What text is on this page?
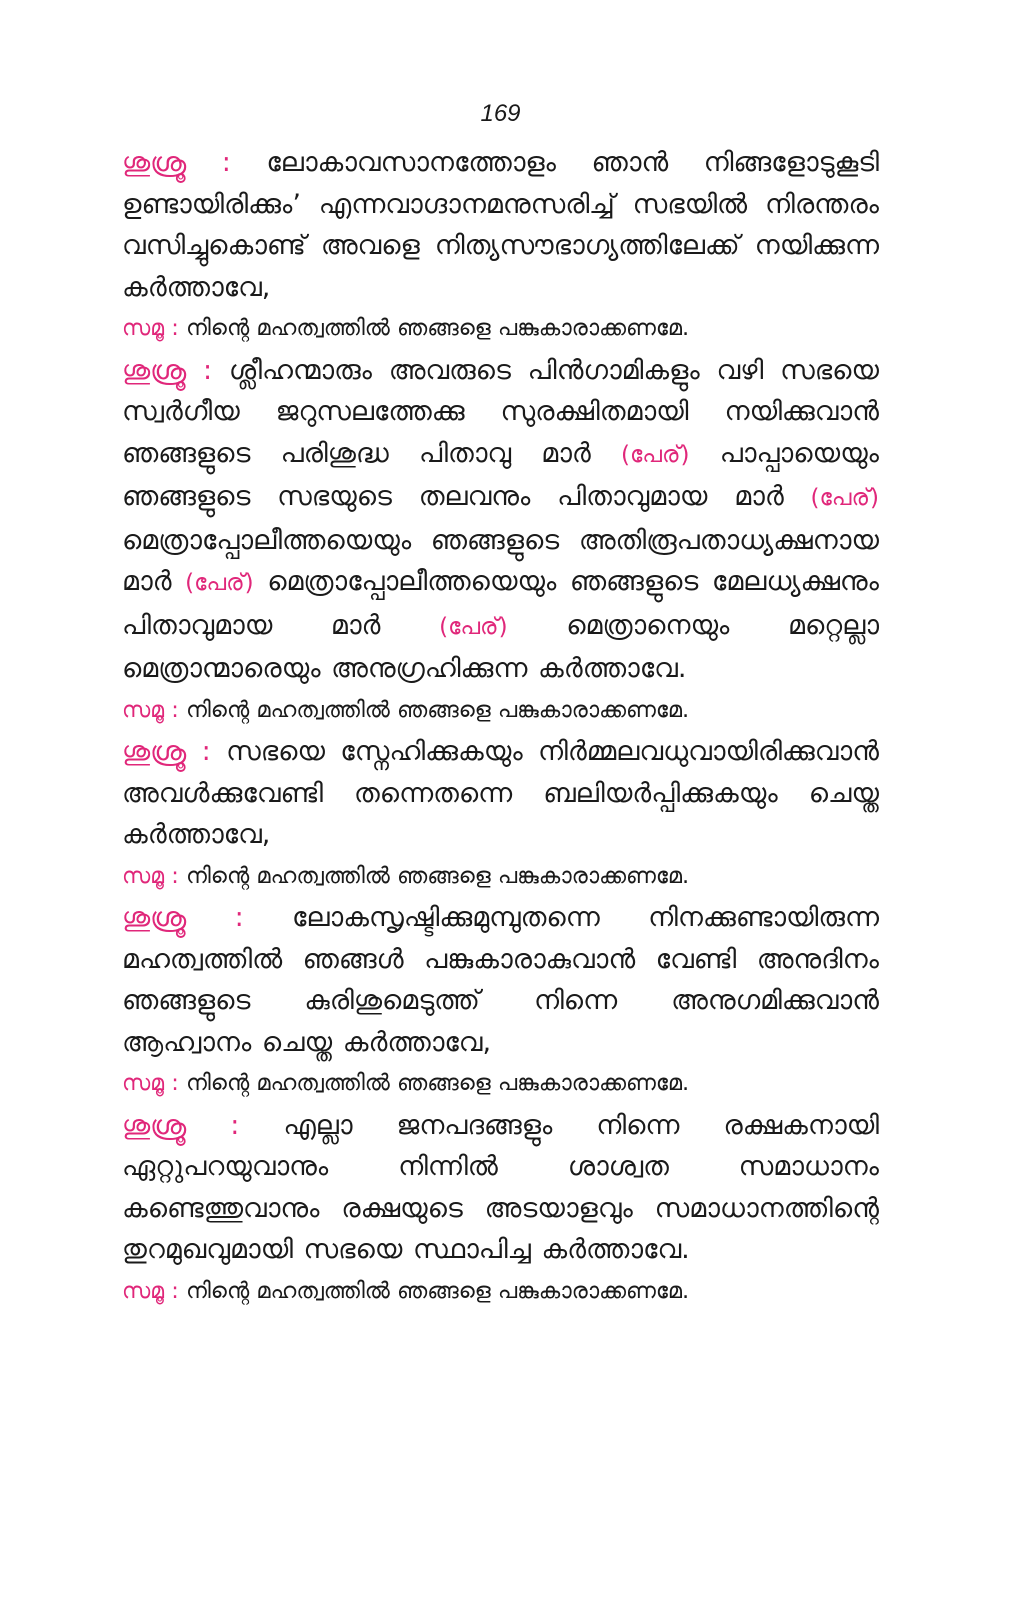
169

ശുശ്രൂ : ലോകാവസാനത്തോളം ഞാൻ നിങ്ങളോടുകൂടി ഉണ്ടായിരിക്കും’ എന്നവാഗ്ദാനമനുസരിച്ച് സഭയിൽ നിരന്തരം വസിച്ചുകൊണ്ട് അവളെ നിത്യസൗഭാഗ്യത്തിലേക്ക് നയിക്കുന്ന കർത്താവേ,

സമൂ : നിന്റെ മഹത്വത്തിൽ ഞങ്ങളെ പങ്കുകാരാക്കണമേ.

ശുശ്രൂ : ശ്ലീഹന്മാരും അവരുടെ പിൻഗാമികളും വഴി സഭയെ സ്വർഗീയ ജറുസലത്തേക്കു സുരക്ഷിതമായി നയിക്കുവാൻ ഞങ്ങളുടെ പരിശുദ്ധ പിതാവു മാർ (പേര്) പാപ്പായെയും ഞങ്ങളുടെ സഭയുടെ തലവനും പിതാവുമായ മാർ (പേര്) മെത്രാപ്പോലീത്തയെയും ഞങ്ങളുടെ അതിരൂപതാധ്യക്ഷനായ മാർ (പേര്) മെത്രാപ്പോലീത്തയെയും ഞങ്ങളുടെ മേലധ്യക്ഷനും പിതാവുമായ മാർ	(പേര്) മെത്രാനെയും മറ്റെല്ലാ മെത്രാന്മാരെയും അനുഗ്രഹിക്കുന്ന കർത്താവേ.

സമൂ : നിന്റെ മഹത്വത്തിൽ ഞങ്ങളെ പങ്കുകാരാക്കണമേ.

ശുശ്രൂ : സഭയെ സ്നേഹിക്കുകയും നിർമ്മലവധുവായിരിക്കുവാൻ അവൾക്കുവേണ്ടി തന്നെതന്നെ ബലിയർപ്പിക്കുകയും ചെയ്ത കർത്താവേ,

സമൂ : നിന്റെ മഹത്വത്തിൽ ഞങ്ങളെ പങ്കുകാരാക്കണമേ.

ശുശ്രൂ : ലോകസൃഷ്ടിക്കുമുമ്പുതന്നെ നിനക്കുണ്ടായിരുന്ന മഹത്വത്തിൽ ഞങ്ങൾ പങ്കുകാരാകുവാൻ വേണ്ടി അനുദിനം ഞങ്ങളുടെ കുരിശുമെടുത്ത് നിന്നെ അനുഗമിക്കുവാൻ ആഹ്വാനം ചെയ്ത കർത്താവേ,

സമൂ : നിന്റെ മഹത്വത്തിൽ ഞങ്ങളെ പങ്കുകാരാക്കണമേ.

ശുശ്രൂ : എല്ലാ ജനപദങ്ങളും നിന്നെ രക്ഷകനായി ഏറ്റുപറയുവാനും നിന്നിൽ ശാശ്വത സമാധാനം കണ്ടെത്തുവാനും രക്ഷയുടെ അടയാളവും സമാധാനത്തിന്റെ തുറമുഖവുമായി സഭയെ സ്ഥാപിച്ച കർത്താവേ.

സമൂ : നിന്റെ മഹത്വത്തിൽ ഞങ്ങളെ പങ്കുകാരാക്കണമേ.
